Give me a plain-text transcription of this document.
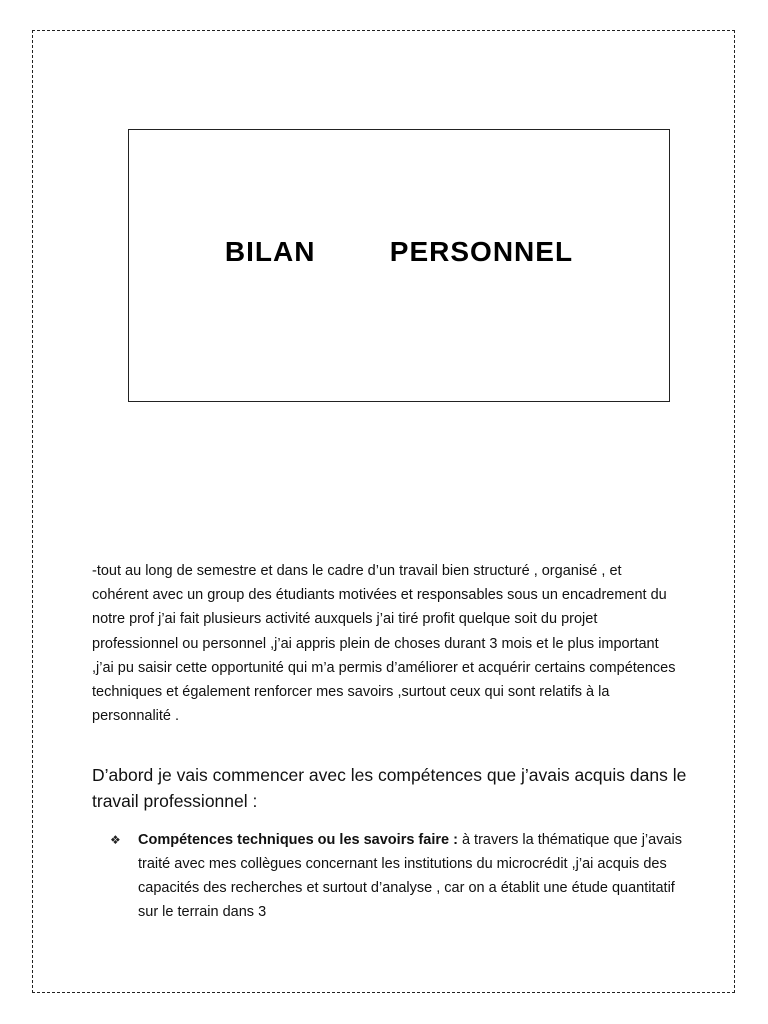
BILAN   PERSONNEL

-tout au long de semestre et dans le cadre d’un travail bien structuré , organisé , et cohérent avec un group des étudiants motivées et responsables sous un encadrement du notre prof j’ai fait plusieurs activité auxquels j’ai tiré profit quelque soit du projet professionnel ou personnel ,j’ai appris plein de choses durant 3 mois et le plus important ,j’ai pu saisir cette opportunité qui m’a permis d’améliorer et acquérir certains compétences techniques et également renforcer mes savoirs ,surtout ceux qui sont relatifs à la personnalité .

D’abord je vais commencer avec les compétences que j’avais acquis dans le travail professionnel :

❖ Compétences techniques ou les savoirs faire : à travers la thématique que j’avais traité avec mes collègues concernant les institutions du microcrédit ,j’ai acquis des capacités des recherches et surtout d’analyse , car on a établit une étude quantitatif sur le terrain dans 3
